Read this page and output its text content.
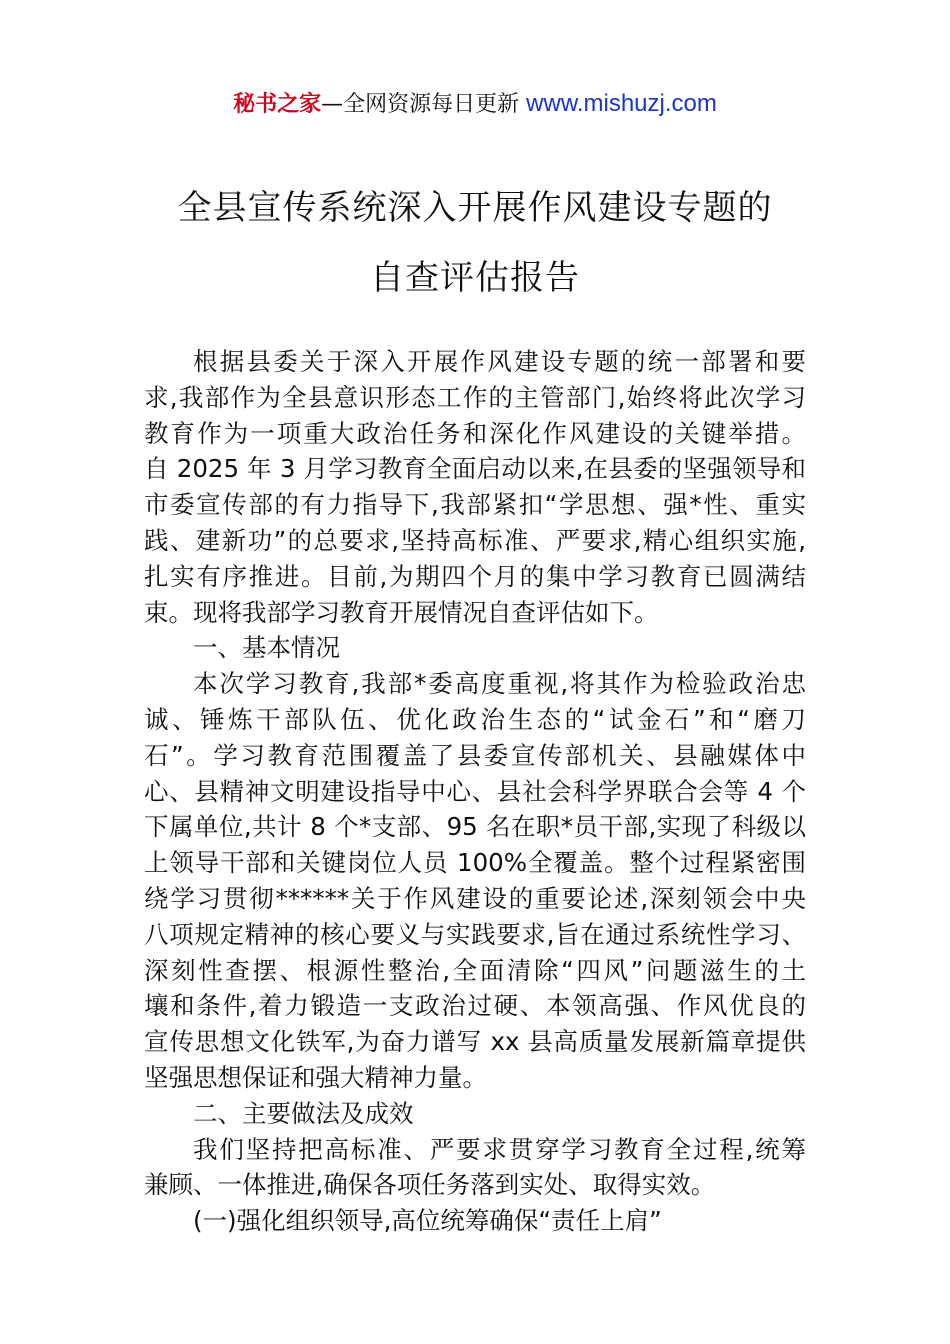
秘书之家—全网资源每日更新 www.mishuzj.com
全县宣传系统深入开展作风建设专题的
自查评估报告
根据县委关于深入开展作风建设专题的统一部署和要
求,我部作为全县意识形态工作的主管部门,始终将此次学习
教育作为一项重大政治任务和深化作风建设的关键举措。
自 2025 年 3 月学习教育全面启动以来,在县委的坚强领导和
市委宣传部的有力指导下,我部紧扣“学思想、强*性、重实
践、建新功”的总要求,坚持高标准、严要求,精心组织实施,
扎实有序推进。目前,为期四个月的集中学习教育已圆满结
束。现将我部学习教育开展情况自查评估如下。
一、基本情况
本次学习教育,我部*委高度重视,将其作为检验政治忠
诚、锤炼干部队伍、优化政治生态的“试金石”和“磨刀
石”。学习教育范围覆盖了县委宣传部机关、县融媒体中
心、县精神文明建设指导中心、县社会科学界联合会等 4 个
下属单位,共计 8 个*支部、95 名在职*员干部,实现了科级以
上领导干部和关键岗位人员 100%全覆盖。整个过程紧密围
绕学习贯彻******关于作风建设的重要论述,深刻领会中央
八项规定精神的核心要义与实践要求,旨在通过系统性学习、
深刻性查摆、根源性整治,全面清除“四风”问题滋生的土
壤和条件,着力锻造一支政治过硬、本领高强、作风优良的
宣传思想文化铁军,为奋力谱写 xx 县高质量发展新篇章提供
坚强思想保证和强大精神力量。
二、主要做法及成效
我们坚持把高标准、严要求贯穿学习教育全过程,统筹
兼顾、一体推进,确保各项任务落到实处、取得实效。
(一)强化组织领导,高位统筹确保“责任上肩”
